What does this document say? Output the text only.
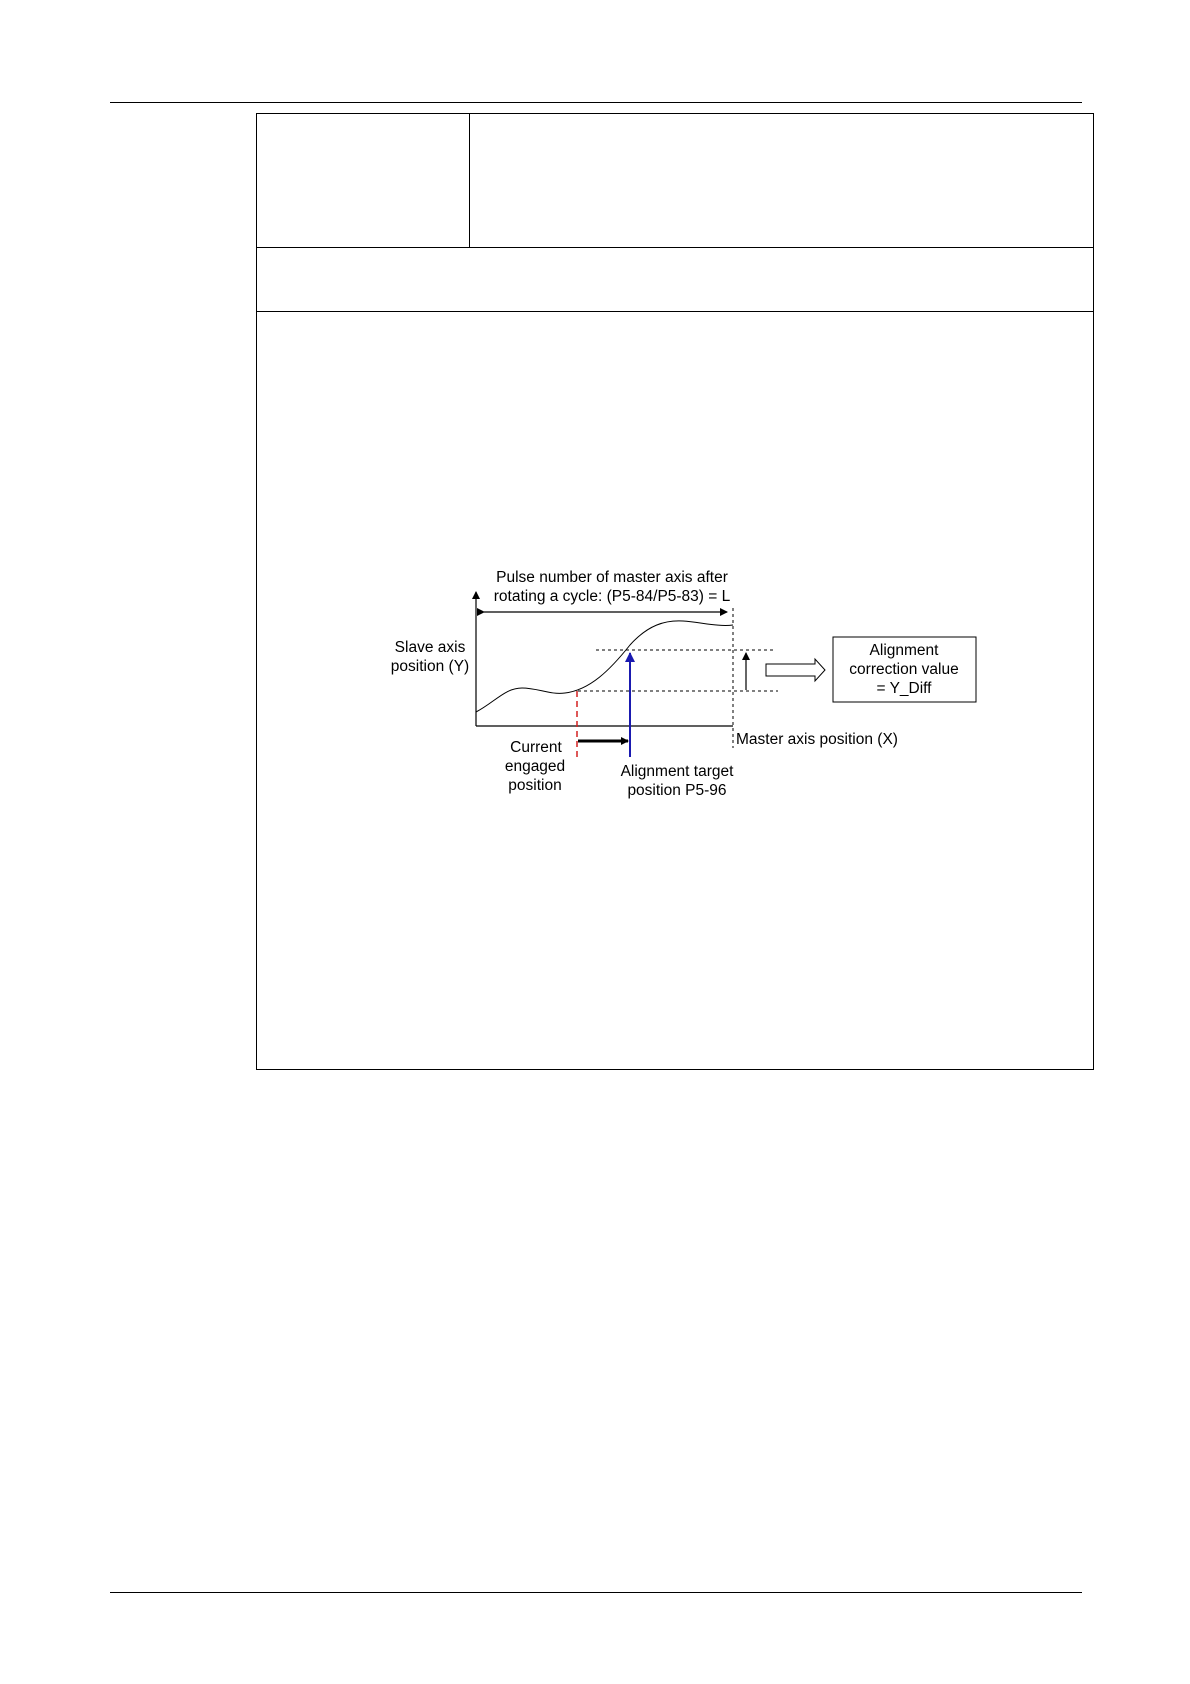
Pulse number of master axis after
rotating a cycle: (P5-84/P5-83) = L
Slave axis
position (Y)
Master axis position (X)
Current
engaged
position
Alignment target
position P5-96
Alignment
correction value
= Y_Diff
